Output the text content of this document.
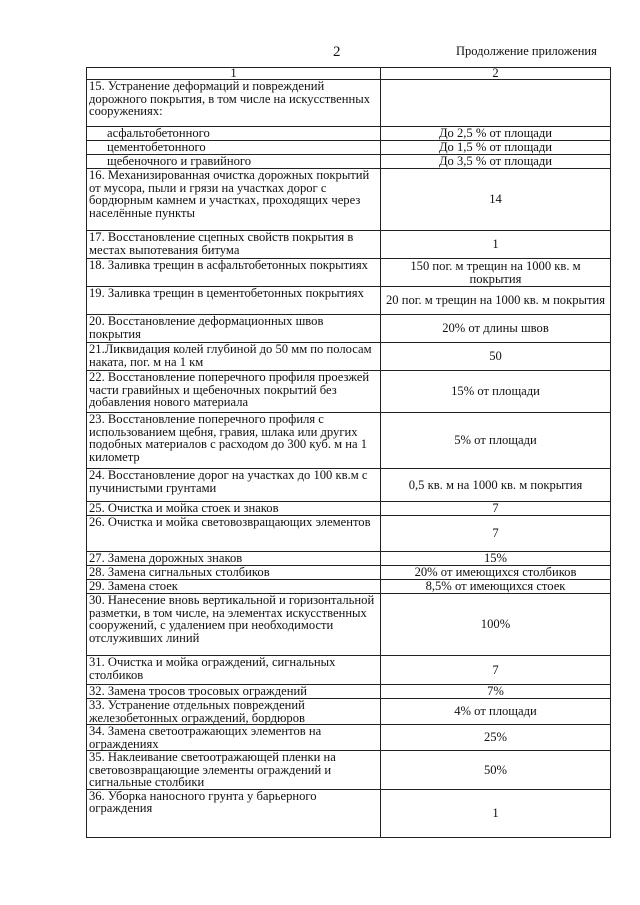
2	Продолжение приложения
1	2
15. Устранение деформаций и повреждений дорожного покрытия, в том числе на искусственных сооружениях:	
асфальтобетонного	До 2,5 % от площади
цементобетонного	До 1,5 % от площади
щебеночного и гравийного	До 3,5 % от площади
16. Механизированная очистка дорожных покрытий от мусора, пыли и грязи на участках дорог с бордюрным камнем и участках, проходящих через населённые пункты	14
17. Восстановление сцепных свойств покрытия в местах выпотевания битума	1
18. Заливка трещин в асфальтобетонных покрытиях	150 пог. м трещин на 1000 кв. м покрытия
19. Заливка трещин в цементобетонных покрытиях	20 пог. м трещин на 1000 кв. м покрытия
20. Восстановление деформационных швов покрытия	20% от длины швов
21.Ликвидация колей глубиной до 50 мм по полосам наката, пог. м на 1 км	50
22. Восстановление поперечного профиля проезжей части гравийных и щебеночных покрытий без добавления нового материала	15% от площади
23. Восстановление поперечного профиля с использованием щебня, гравия, шлака или других подобных материалов с расходом до 300 куб. м на 1 километр	5% от площади
24. Восстановление дорог на участках до 100 кв.м с пучинистыми грунтами	0,5 кв. м на 1000 кв. м покрытия
25. Очистка и мойка стоек и знаков	7
26. Очистка и мойка световозвращающих элементов	7
27. Замена дорожных знаков	15%
28. Замена сигнальных столбиков	20% от имеющихся столбиков
29. Замена стоек	8,5% от имеющихся стоек
30. Нанесение вновь вертикальной и горизонтальной разметки, в том числе, на элементах искусственных сооружений, с удалением при необходимости отслуживших линий	100%
31. Очистка и мойка ограждений, сигнальных столбиков	7
32. Замена тросов тросовых ограждений	7%
33. Устранение отдельных повреждений железобетонных ограждений, бордюров	4% от площади
34. Замена светоотражающих элементов на ограждениях	25%
35. Наклеивание светоотражающей пленки на световозвращающие элементы ограждений и сигнальные столбики	50%
36. Уборка наносного грунта у барьерного ограждения	1
